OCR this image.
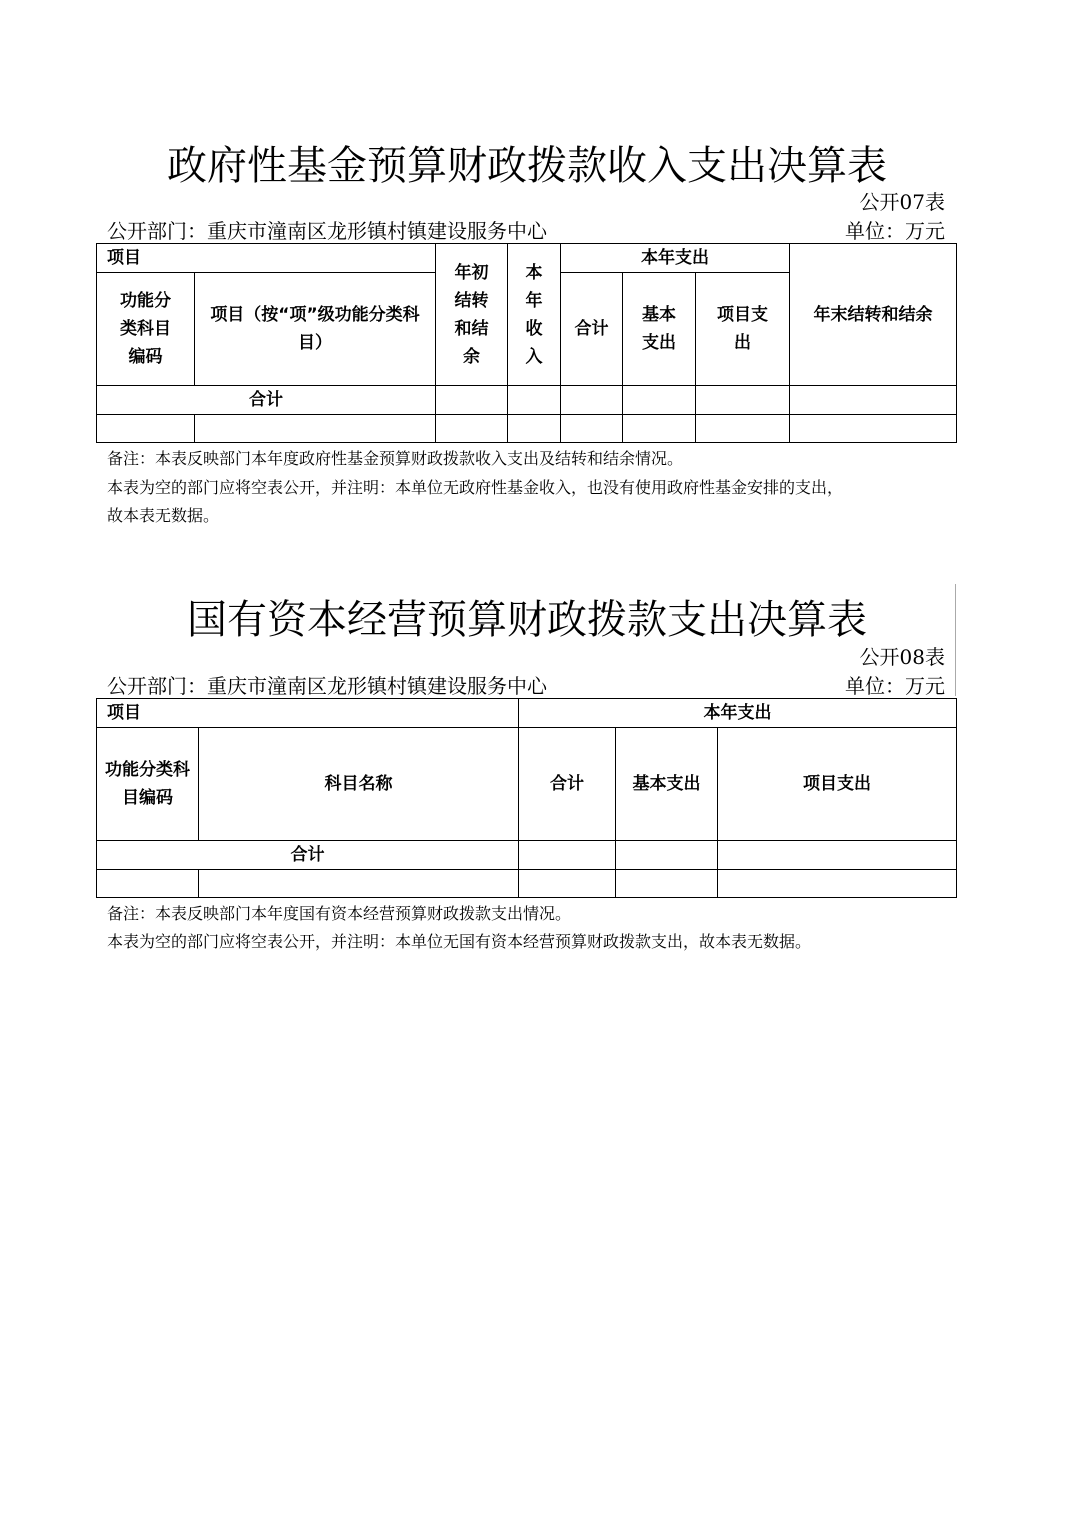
政府性基金预算财政拨款收入支出决算表
公开07表
公开部门：重庆市潼南区龙形镇村镇建设服务中心	单位：万元
项目		年初结转和结余	本年收入	本年支出			年末结转和结余
功能分类科目编码	项目（按“项”级功能分类科目）			合计	基本支出	项目支出	
合计							

备注：本表反映部门本年度政府性基金预算财政拨款收入支出及结转和结余情况。
本表为空的部门应将空表公开，并注明：本单位无政府性基金收入，也没有使用政府性基金安排的支出，
故本表无数据。
国有资本经营预算财政拨款支出决算表
公开08表
公开部门：重庆市潼南区龙形镇村镇建设服务中心	单位：万元
项目		本年支出		
功能分类科目编码	科目名称	合计	基本支出	项目支出
合计				

备注：本表反映部门本年度国有资本经营预算财政拨款支出情况。
本表为空的部门应将空表公开，并注明：本单位无国有资本经营预算财政拨款支出，故本表无数据。
